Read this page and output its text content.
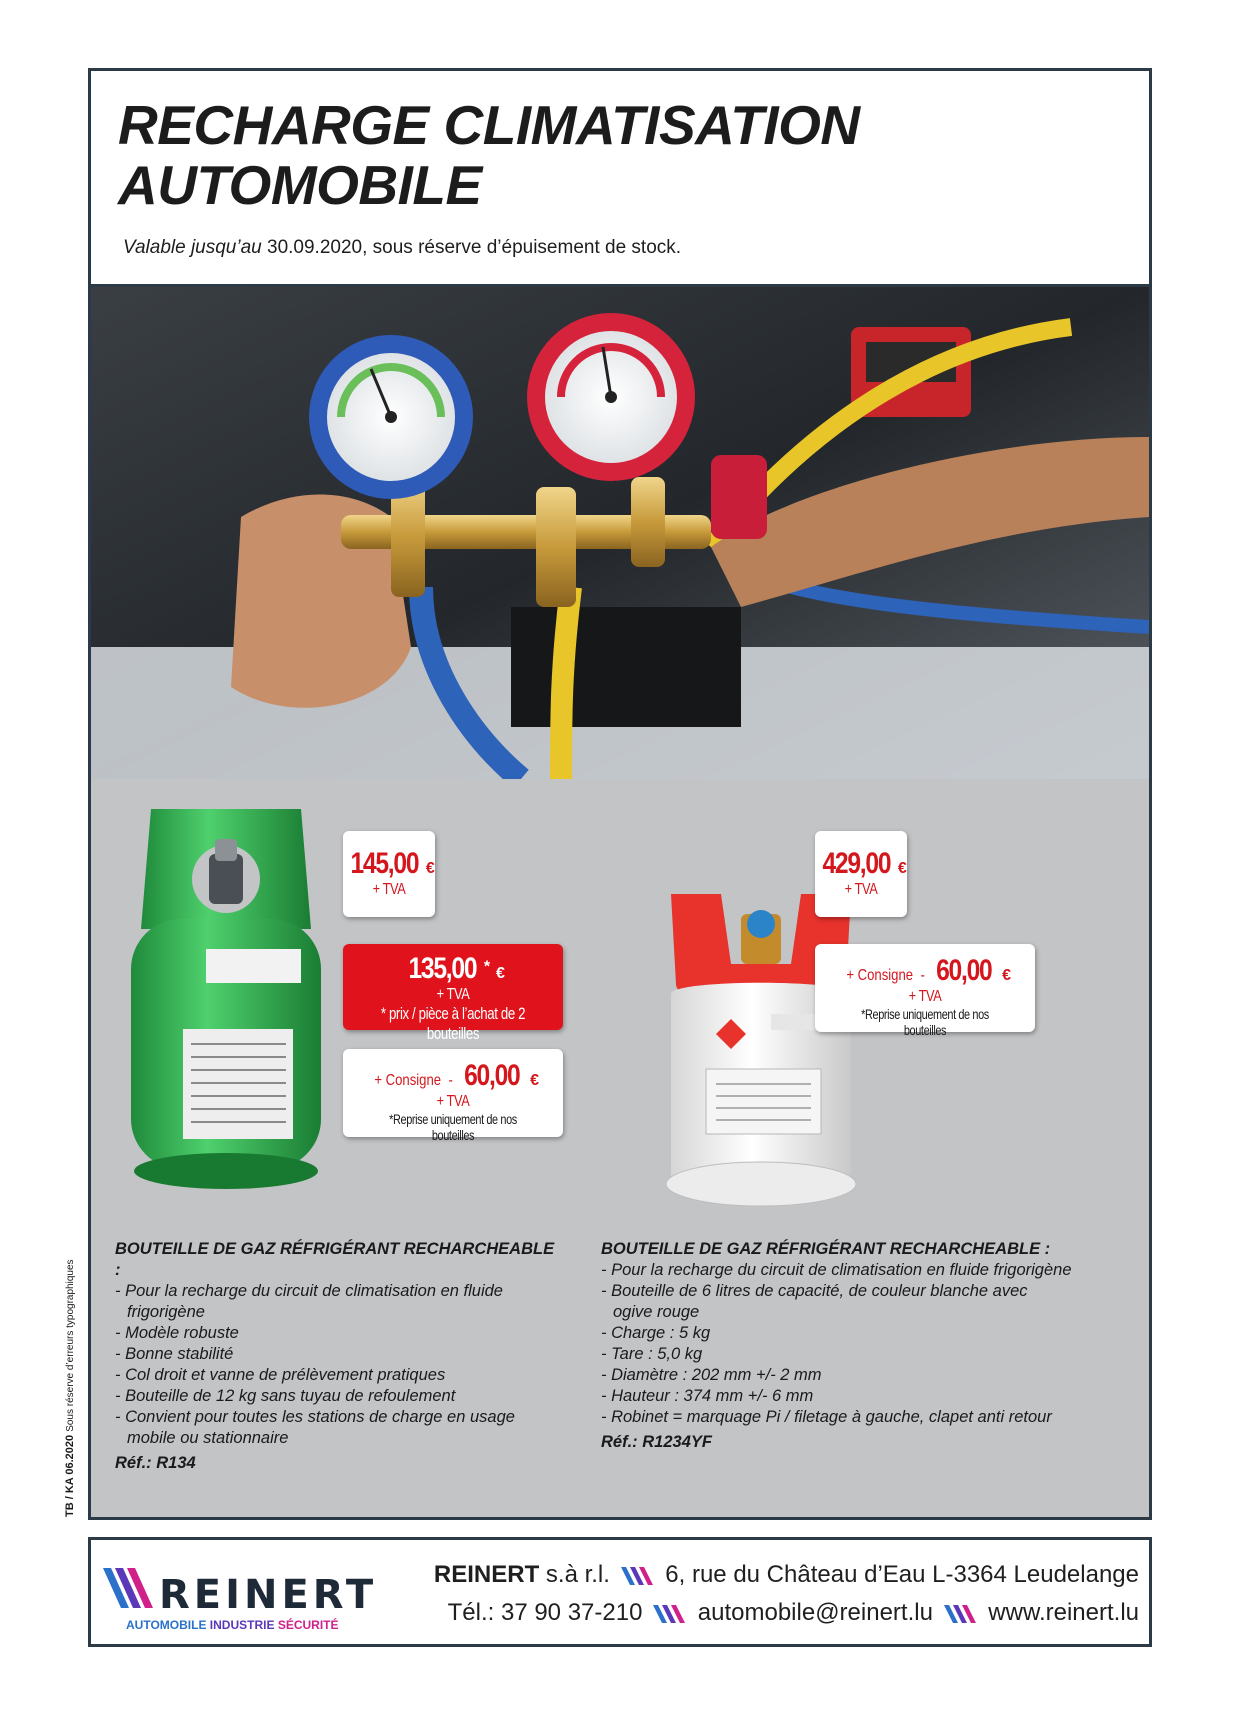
RECHARGE CLIMATISATION
AUTOMOBILE
Valable jusqu’au 30.09.2020, sous réserve d’épuisement de stock.
145,00 €
+ TVA
135,00 * €
+ TVA
* prix / pièce à l’achat de 2 bouteilles
+ Consigne - 60,00 €
+ TVA
*Reprise uniquement de nos bouteilles
429,00 €
+ TVA
+ Consigne - 60,00 €
+ TVA
*Reprise uniquement de nos bouteilles
BOUTEILLE DE GAZ RÉFRIGÉRANT RECHARCHEABLE :
- Pour la recharge du circuit de climatisation en fluide frigorigène
- Modèle robuste
- Bonne stabilité
- Col droit et vanne de prélèvement pratiques
- Bouteille de 12 kg sans tuyau de refoulement
- Convient pour toutes les stations de charge en usage mobile ou stationnaire
Réf.: R134
BOUTEILLE DE GAZ RÉFRIGÉRANT RECHARCHEABLE :
- Pour la recharge du circuit de climatisation en fluide frigorigène
- Bouteille de 6 litres de capacité, de couleur blanche avec ogive rouge
- Charge : 5 kg
- Tare : 5,0 kg
- Diamètre : 202 mm +/- 2 mm
- Hauteur : 374 mm +/- 6 mm
- Robinet = marquage Pi / filetage à gauche, clapet anti retour
Réf.: R1234YF
TB / KA 06.2020 Sous réserve d’erreurs typographiques
REINERT
AUTOMOBILE INDUSTRIE SÉCURITÉ
REINERT s.à r.l. 6, rue du Château d’Eau L-3364 Leudelange
Tél.: 37 90 37-210 automobile@reinert.lu www.reinert.lu
